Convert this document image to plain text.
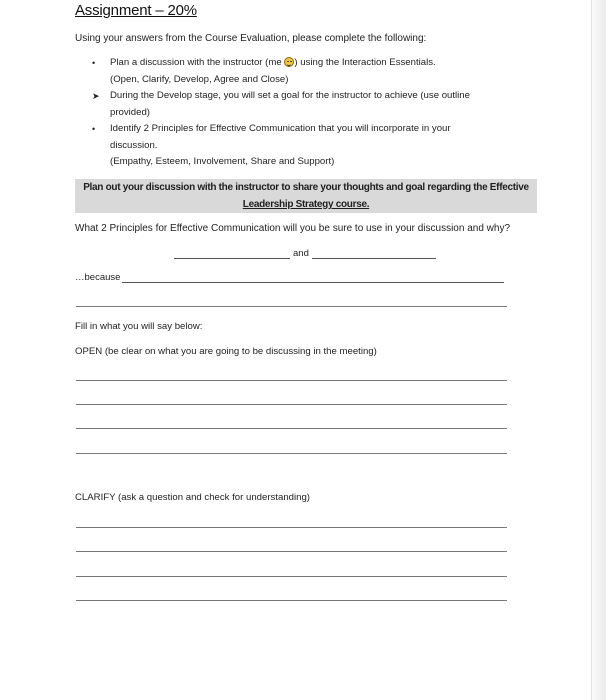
Assignment – 20%
Using your answers from the Course Evaluation, please complete the following:
• Plan a discussion with the instructor (me ) using the Interaction Essentials.
(Open, Clarify, Develop, Agree and Close)
➤ During the Develop stage, you will set a goal for the instructor to achieve (use outline
provided)
• Identify 2 Principles for Effective Communication that you will incorporate in your
discussion.
(Empathy, Esteem, Involvement, Share and Support)
Plan out your discussion with the instructor to share your thoughts and goal regarding the Effective
Leadership Strategy course.
What 2 Principles for Effective Communication will you be sure to use in your discussion and why?
and
…because
Fill in what you will say below:
OPEN (be clear on what you are going to be discussing in the meeting)
CLARIFY (ask a question and check for understanding)
